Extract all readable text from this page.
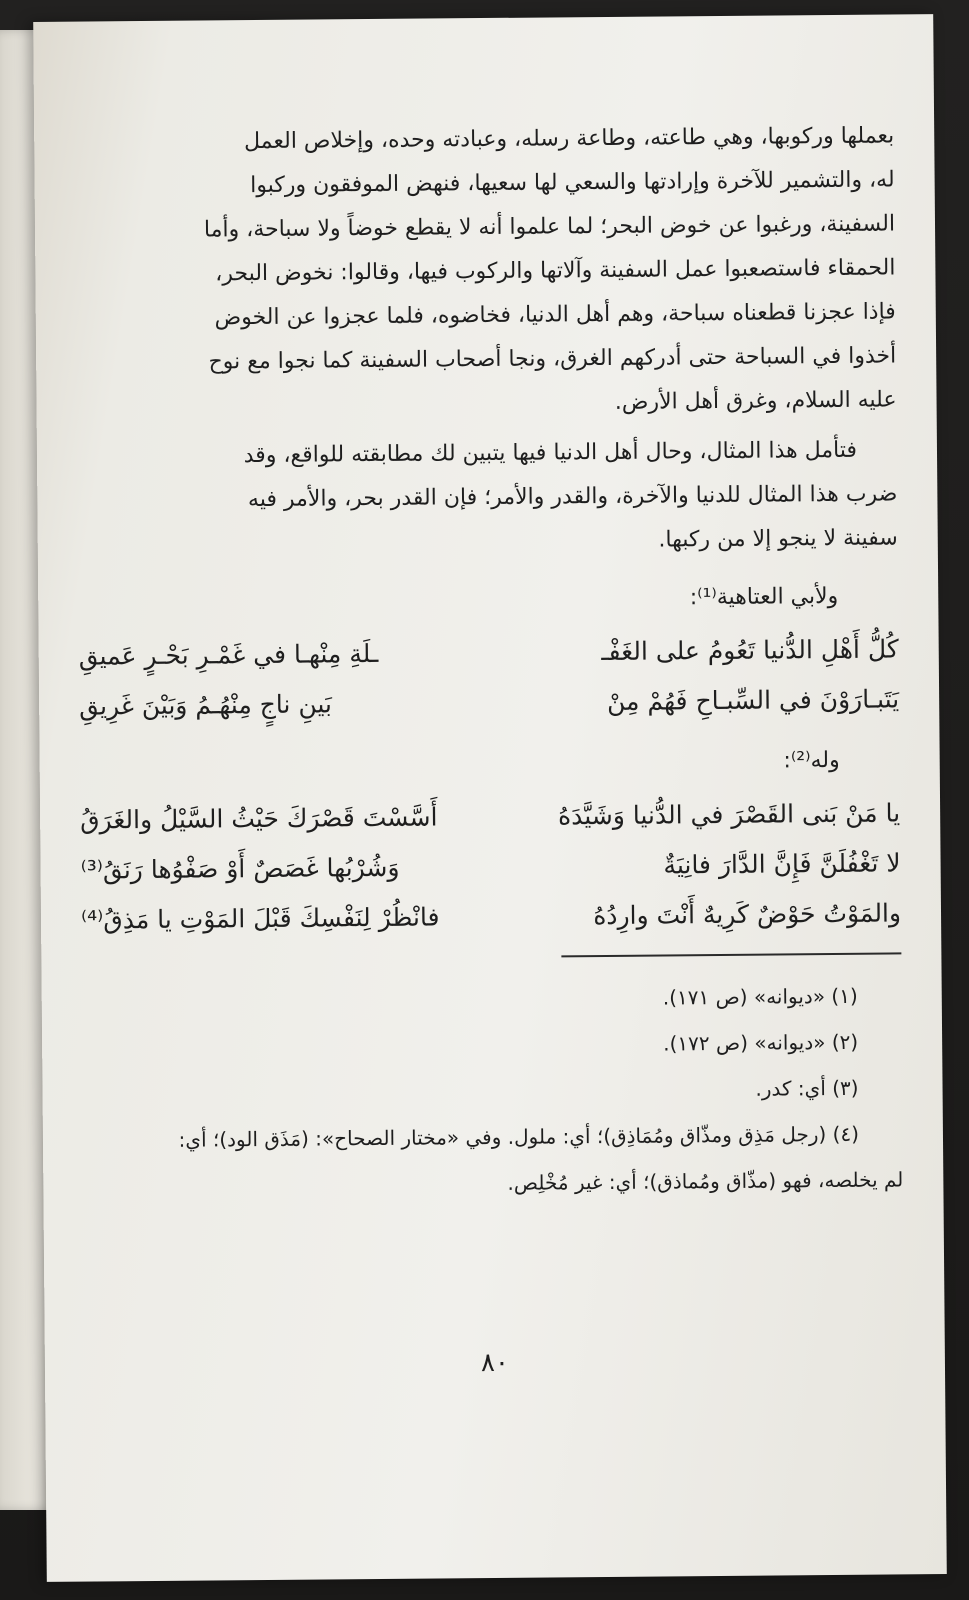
بعملها وركوبها، وهي طاعته، وطاعة رسله، وعبادته وحده، وإخلاص العمل

له، والتشمير للآخرة وإرادتها والسعي لها سعيها، فنهض الموفقون وركبوا

السفينة، ورغبوا عن خوض البحر؛ لما علموا أنه لا يقطع خوضاً ولا سباحة، وأما

الحمقاء فاستصعبوا عمل السفينة وآلاتها والركوب فيها، وقالوا: نخوض البحر،

فإذا عجزنا قطعناه سباحة، وهم أهل الدنيا، فخاضوه، فلما عجزوا عن الخوض

أخذوا في السباحة حتى أدركهم الغرق، ونجا أصحاب السفينة كما نجوا مع نوح

عليه السلام، وغرق أهل الأرض.

فتأمل هذا المثال، وحال أهل الدنيا فيها يتبين لك مطابقته للواقع، وقد

ضرب هذا المثال للدنيا والآخرة، والقدر والأمر؛ فإن القدر بحر، والأمر فيه

سفينة لا ينجو إلا من ركبها.

ولأبي العتاهية⁽¹⁾:
كُلُّ أَهْلِ الدُّنيا تَعُومُ على الغَفْـ
ـلَةِ مِنْهـا في غَمْـرِ بَحْـرٍ عَميقِ
يَتَبـارَوْنَ في السِّبـاحِ فَهُمْ مِنْ
بَينِ ناجٍ مِنْهُـمُ وَبَيْنَ غَرِيقِ
وله⁽²⁾:
يا مَنْ بَنى القَصْرَ في الدُّنيا وَشَيَّدَهُ
أَسَّسْتَ قَصْرَكَ حَيْثُ السَّيْلُ والغَرَقُ
لا تَغْفُلَنَّ فَإِنَّ الدَّارَ فانِيَةٌ
وَشُرْبُها غَصَصٌ أَوْ صَفْوُها رَنَقُ⁽³⁾
والمَوْتُ حَوْضٌ كَرِيهٌ أَنْتَ وارِدُهُ
فانْظُرْ لِنَفْسِكَ قَبْلَ المَوْتِ يا مَذِقُ⁽⁴⁾

(١) «ديوانه» (ص ١٧١).

(٢) «ديوانه» (ص ١٧٢).

(٣) أي: كدر.

(٤) (رجل مَذِق ومذّاق ومُمَاذِق)؛ أي: ملول. وفي «مختار الصحاح»: (مَذَق الود)؛ أي:

لم يخلصه، فهو (مذّاق ومُماذق)؛ أي: غير مُخْلِص.

٨٠
